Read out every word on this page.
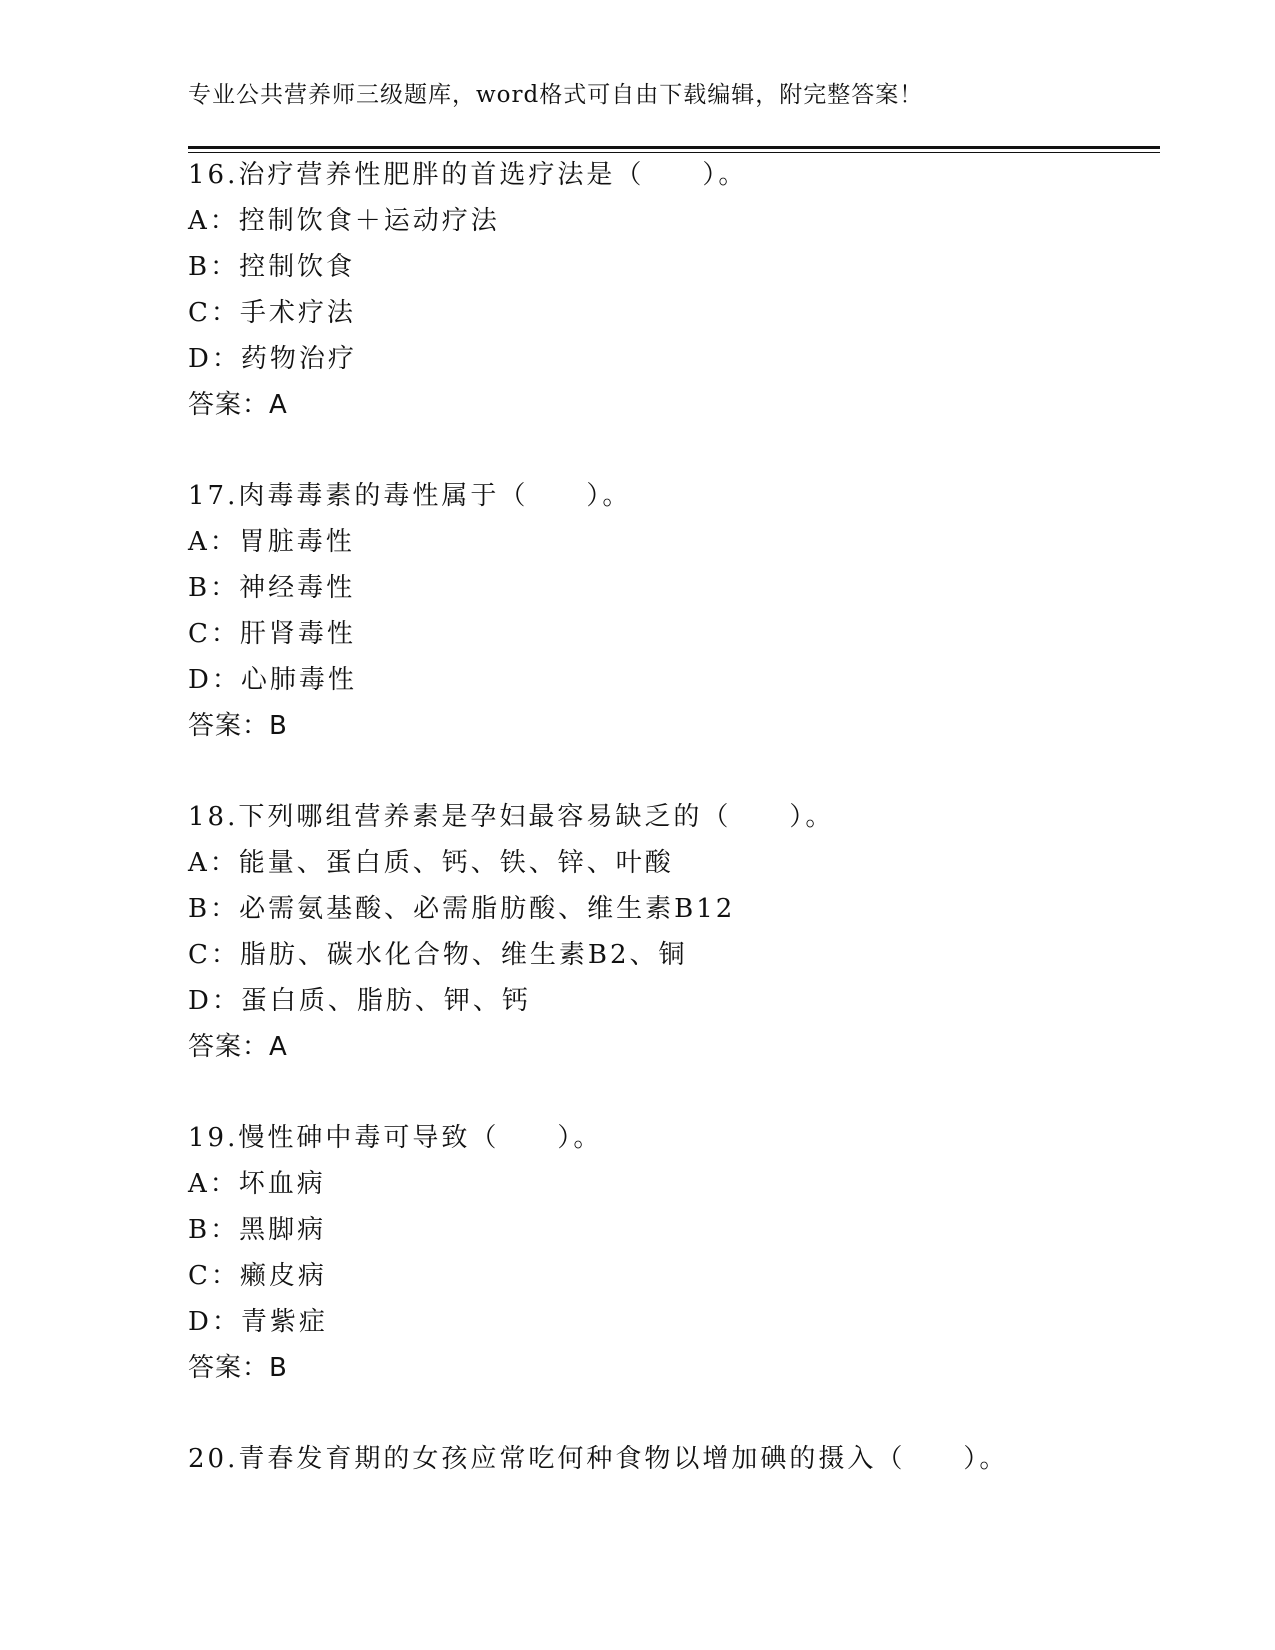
专业公共营养师三级题库，word格式可自由下载编辑，附完整答案！
16.治疗营养性肥胖的首选疗法是（　　）。
A：控制饮食＋运动疗法
B：控制饮食
C：手术疗法
D：药物治疗
答案：A
17.肉毒毒素的毒性属于（　　）。
A：胃脏毒性
B：神经毒性
C：肝肾毒性
D：心肺毒性
答案：B
18.下列哪组营养素是孕妇最容易缺乏的（　　）。
A：能量、蛋白质、钙、铁、锌、叶酸
B：必需氨基酸、必需脂肪酸、维生素B12
C：脂肪、碳水化合物、维生素B2、铜
D：蛋白质、脂肪、钾、钙
答案：A
19.慢性砷中毒可导致（　　）。
A：坏血病
B：黑脚病
C：癞皮病
D：青紫症
答案：B
20.青春发育期的女孩应常吃何种食物以增加碘的摄入（　　）。
